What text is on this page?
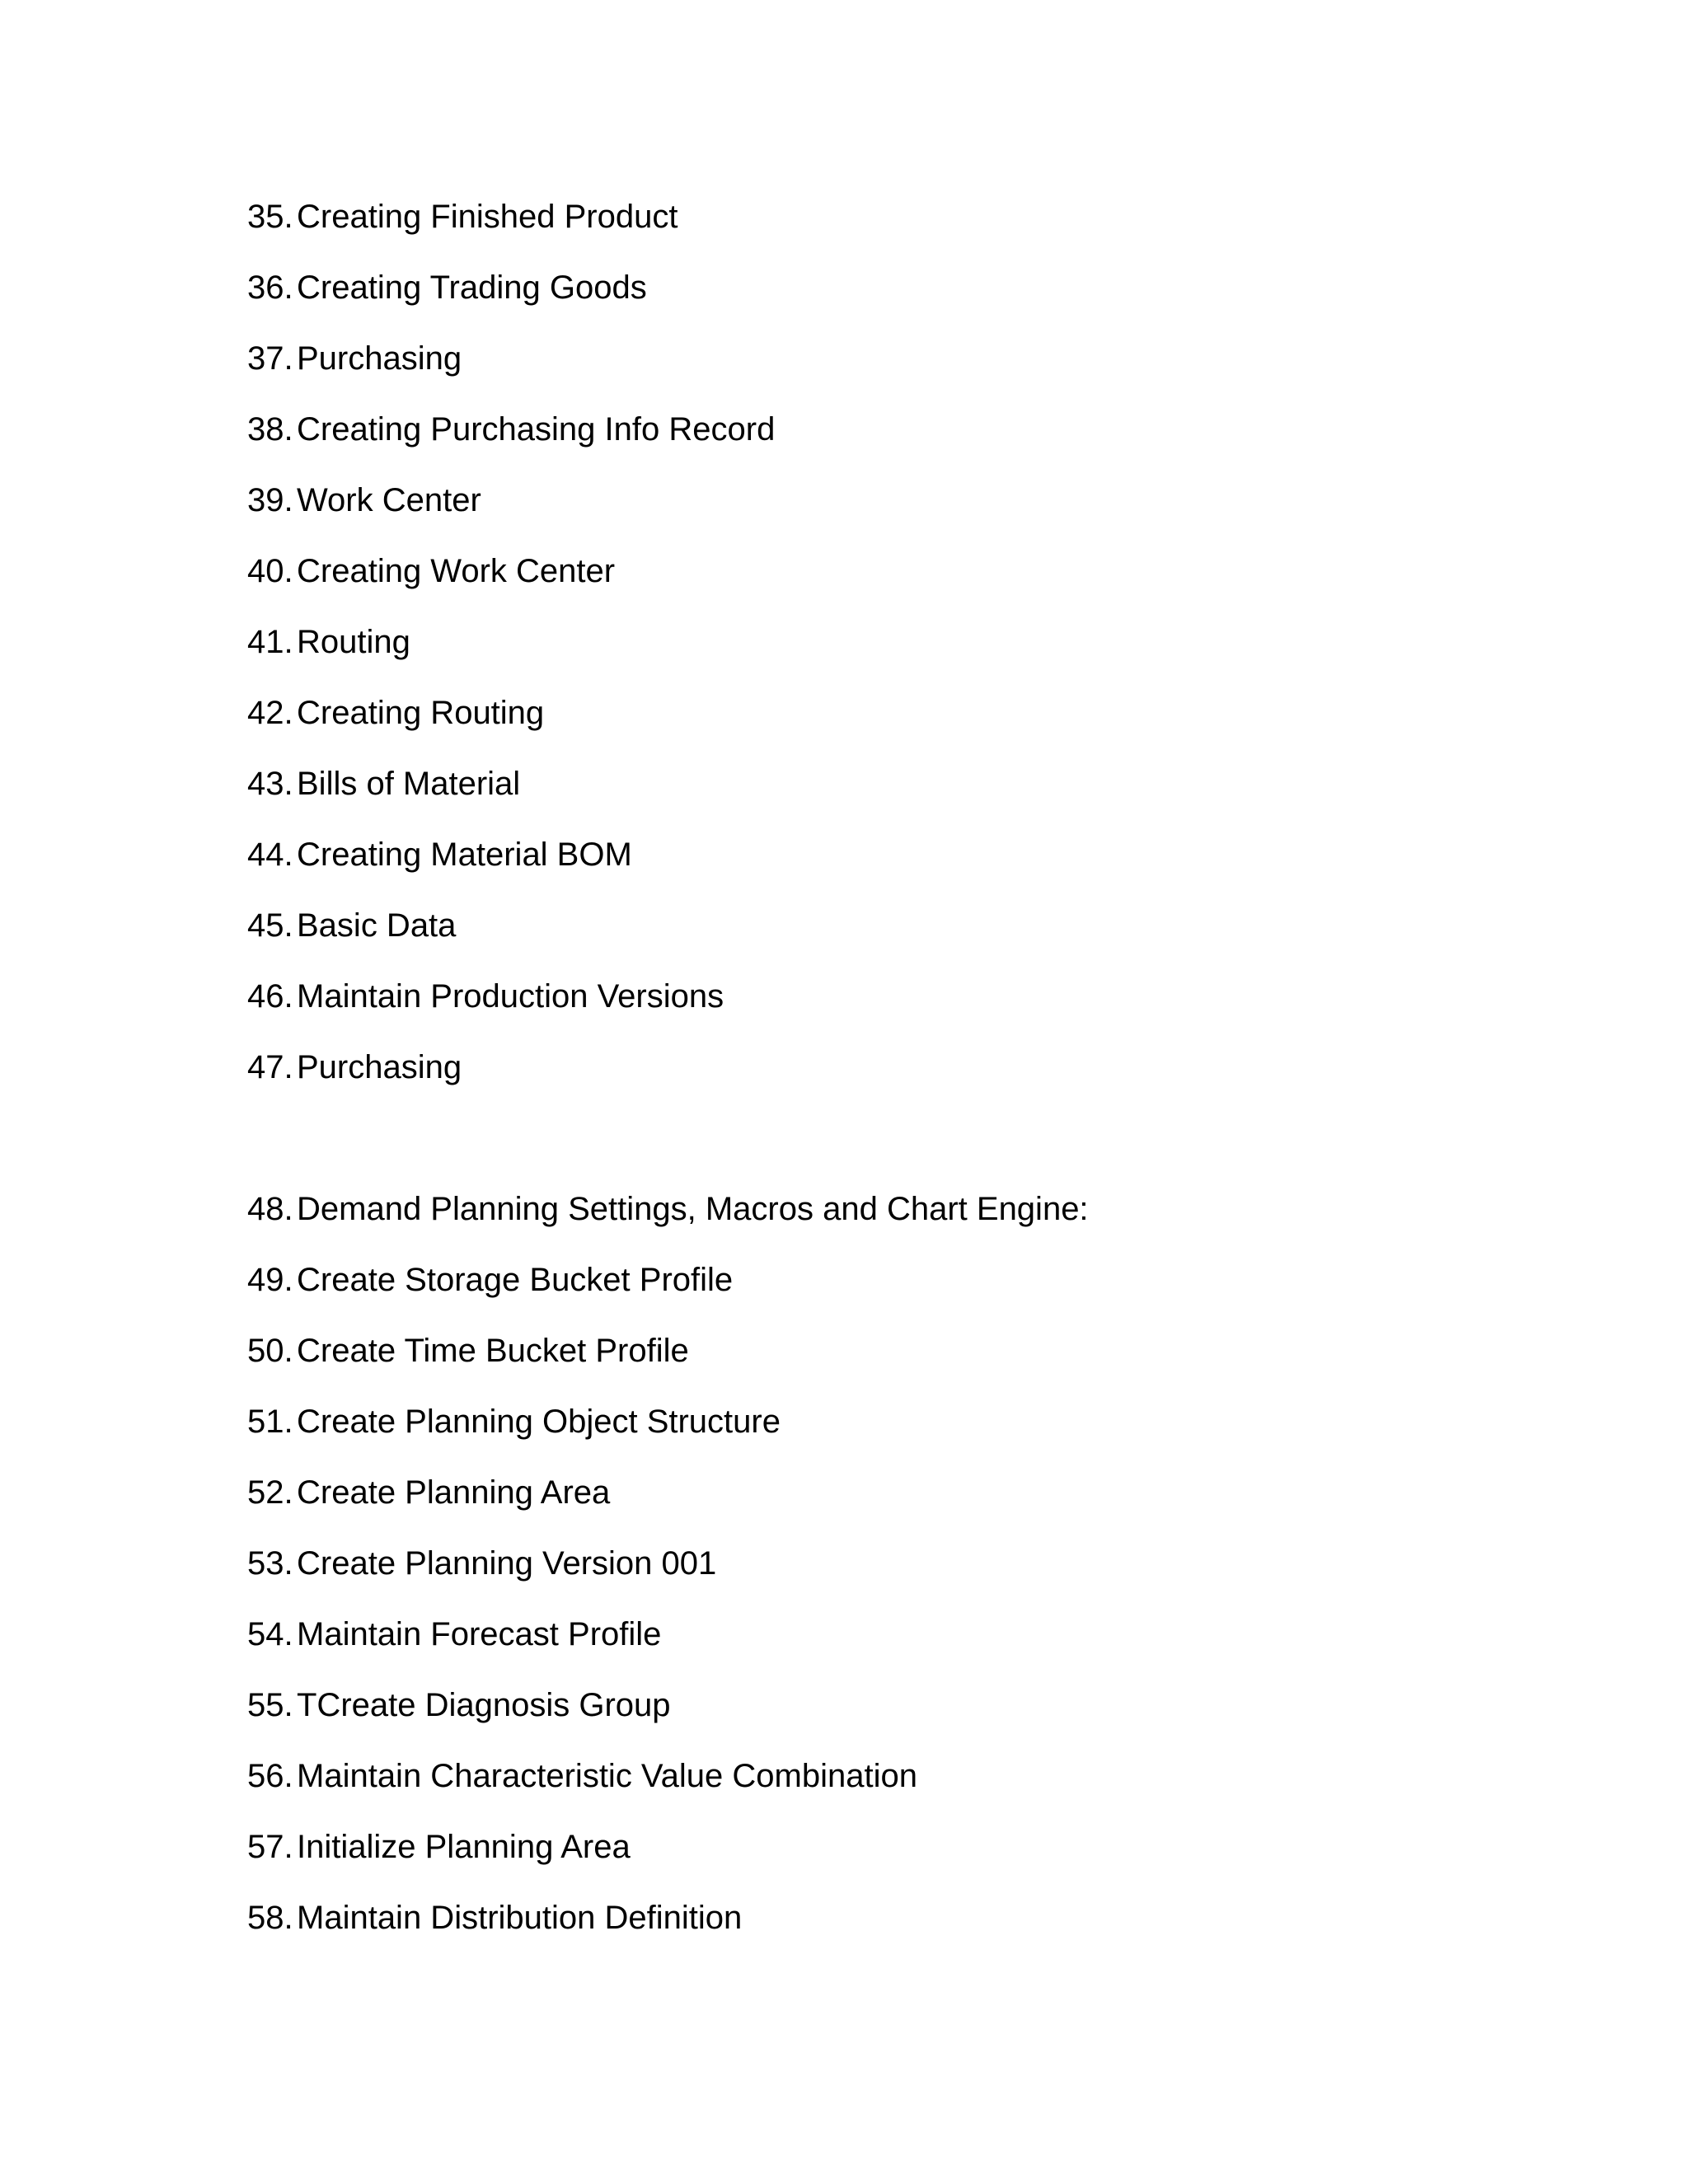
35. Creating Finished Product
36. Creating Trading Goods
37. Purchasing
38. Creating Purchasing Info Record
39. Work Center
40. Creating Work Center
41. Routing
42. Creating Routing
43. Bills of Material
44. Creating Material BOM
45. Basic Data
46. Maintain Production Versions
47. Purchasing
48. Demand Planning Settings, Macros and Chart Engine:
49. Create Storage Bucket Profile
50. Create Time Bucket Profile
51. Create Planning Object Structure
52. Create Planning Area
53. Create Planning Version 001
54. Maintain Forecast Profile
55. TCreate Diagnosis Group
56. Maintain Characteristic Value Combination
57. Initialize Planning Area
58. Maintain Distribution Definition
